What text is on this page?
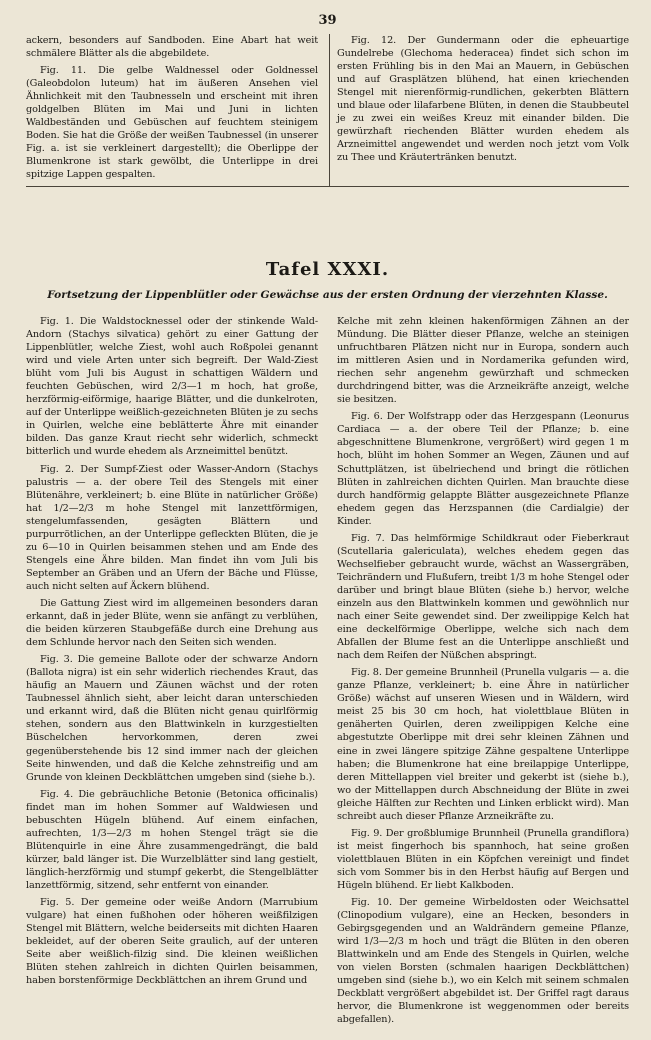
39

ackern, besonders auf Sandboden. Eine Abart hat weit schmälere Blätter als die abgebildete.

Fig. 11. Die gelbe Waldnessel oder Goldnessel (Galeobdolon luteum) hat im äußeren Ansehen viel Ähnlichkeit mit den Taubnesseln und erscheint mit ihren goldgelben Blüten im Mai und Juni in lichten Waldbeständen und Gebüschen auf feuchtem steinigem Boden. Sie hat die Größe der weißen Taubnessel (in unserer Fig. a. ist sie verkleinert dargestellt); die Oberlippe der Blumenkrone ist stark gewölbt, die Unterlippe in drei spitzige Lappen gespalten.

Fig. 12. Der Gundermann oder die epheuartige Gundelrebe (Glechoma hederacea) findet sich schon im ersten Frühling bis in den Mai an Mauern, in Gebüschen und auf Grasplätzen blühend, hat einen kriechenden Stengel mit nierenförmig-rundlichen, gekerbten Blättern und blaue oder lilafarbene Blüten, in denen die Staubbeutel je zu zwei ein weißes Kreuz mit einander bilden. Die gewürzhaft riechenden Blätter wurden ehedem als Arzneimittel angewendet und werden noch jetzt vom Volk zu Thee und Kräutertränken benutzt.

Tafel XXXI.
Fortsetzung der Lippenblütler oder Gewächse aus der ersten Ordnung der vierzehnten Klasse.

Fig. 1. Die Waldstocknessel oder der stinkende Wald-Andorn (Stachys silvatica) gehört zu einer Gattung der Lippenblütler, welche Ziest, wohl auch Roßpolei genannt wird und viele Arten unter sich begreift. Der Wald-Ziest blüht vom Juli bis August in schattigen Wäldern und feuchten Gebüschen, wird 2/3—1 m hoch, hat große, herzförmig-eiförmige, haarige Blätter, und die dunkelroten, auf der Unterlippe weißlich-gezeichneten Blüten je zu sechs in Quirlen, welche eine beblätterte Ähre mit einander bilden. Das ganze Kraut riecht sehr widerlich, schmeckt bitterlich und wurde ehedem als Arzneimittel benützt.

Fig. 2. Der Sumpf-Ziest oder Wasser-Andorn (Stachys palustris — a. der obere Teil des Stengels mit einer Blütenähre, verkleinert; b. eine Blüte in natürlicher Größe) hat 1/2—2/3 m hohe Stengel mit lanzettförmigen, stengelumfassenden, gesägten Blättern und purpurrötlichen, an der Unterlippe gefleckten Blüten, die je zu 6—10 in Quirlen beisammen stehen und am Ende des Stengels eine Ähre bilden. Man findet ihn vom Juli bis September an Gräben und an Ufern der Bäche und Flüsse, auch nicht selten auf Äckern blühend.

Die Gattung Ziest wird im allgemeinen besonders daran erkannt, daß in jeder Blüte, wenn sie anfängt zu verblühen, die beiden kürzeren Staubgefäße durch eine Drehung aus dem Schlunde hervor nach den Seiten sich wenden.

Fig. 3. Die gemeine Ballote oder der schwarze Andorn (Ballota nigra) ist ein sehr widerlich riechendes Kraut, das häufig an Mauern und Zäunen wächst und der roten Taubnessel ähnlich sieht, aber leicht daran unterschieden und erkannt wird, daß die Blüten nicht genau quirlförmig stehen, sondern aus den Blattwinkeln in kurzgestielten Büschelchen hervorkommen, deren zwei gegenüberstehende bis 12 sind immer nach der gleichen Seite hinwenden, und daß die Kelche zehnstreifig und am Grunde von kleinen Deckblättchen umgeben sind (siehe b.).

Fig. 4. Die gebräuchliche Betonie (Betonica officinalis) findet man im hohen Sommer auf Waldwiesen und bebuschten Hügeln blühend. Auf einem einfachen, aufrechten, 1/3—2/3 m hohen Stengel trägt sie die Blütenquirle in eine Ähre zusammengedrängt, die bald kürzer, bald länger ist. Die Wurzelblätter sind lang gestielt, länglich-herzförmig und stumpf gekerbt, die Stengelblätter lanzettförmig, sitzend, sehr entfernt von einander.

Fig. 5. Der gemeine oder weiße Andorn (Marrubium vulgare) hat einen fußhohen oder höheren weißfilzigen Stengel mit Blättern, welche beiderseits mit dichten Haaren bekleidet, auf der oberen Seite graulich, auf der unteren Seite aber weißlich-filzig sind. Die kleinen weißlichen Blüten stehen zahlreich in dichten Quirlen beisammen, haben borstenförmige Deckblättchen an ihrem Grund und

Kelche mit zehn kleinen hakenförmigen Zähnen an der Mündung. Die Blätter dieser Pflanze, welche an steinigen unfruchtbaren Plätzen nicht nur in Europa, sondern auch im mittleren Asien und in Nordamerika gefunden wird, riechen sehr angenehm gewürzhaft und schmecken durchdringend bitter, was die Arzneikräfte anzeigt, welche sie besitzen.

Fig. 6. Der Wolfstrapp oder das Herzgespann (Leonurus Cardiaca — a. der obere Teil der Pflanze; b. eine abgeschnittene Blumenkrone, vergrößert) wird gegen 1 m hoch, blüht im hohen Sommer an Wegen, Zäunen und auf Schuttplätzen, ist übelriechend und bringt die rötlichen Blüten in zahlreichen dichten Quirlen. Man brauchte diese durch handförmig gelappte Blätter ausgezeichnete Pflanze ehedem gegen das Herzspannen (die Cardialgie) der Kinder.

Fig. 7. Das helmförmige Schildkraut oder Fieberkraut (Scutellaria galericulata), welches ehedem gegen das Wechselfieber gebraucht wurde, wächst an Wassergräben, Teichrändern und Flußufern, treibt 1/3 m hohe Stengel oder darüber und bringt blaue Blüten (siehe b.) hervor, welche einzeln aus den Blattwinkeln kommen und gewöhnlich nur nach einer Seite gewendet sind. Der zweilippige Kelch hat eine deckelförmige Oberlippe, welche sich nach dem Abfallen der Blume fest an die Unterlippe anschließt und nach dem Reifen der Nüßchen abspringt.

Fig. 8. Der gemeine Brunnheil (Prunella vulgaris — a. die ganze Pflanze, verkleinert; b. eine Ähre in natürlicher Größe) wächst auf unseren Wiesen und in Wäldern, wird meist 25 bis 30 cm hoch, hat violettblaue Blüten in genäherten Quirlen, deren zweilippigen Kelche eine abgestutzte Oberlippe mit drei sehr kleinen Zähnen und eine in zwei längere spitzige Zähne gespaltene Unterlippe haben; die Blumenkrone hat eine breilappige Unterlippe, deren Mittellappen viel breiter und gekerbt ist (siehe b.), wo der Mittellappen durch Abschneidung der Blüte in zwei gleiche Hälften zur Rechten und Linken erblickt wird). Man schreibt auch dieser Pflanze Arzneikräfte zu.

Fig. 9. Der großblumige Brunnheil (Prunella grandiflora) ist meist fingerhoch bis spannhoch, hat seine großen violettblauen Blüten in ein Köpfchen vereinigt und findet sich vom Sommer bis in den Herbst häufig auf Bergen und Hügeln blühend. Er liebt Kalkboden.

Fig. 10. Der gemeine Wirbeldosten oder Weichsattel (Clinopodium vulgare), eine an Hecken, besonders in Gebirgsgegenden und an Waldrändern gemeine Pflanze, wird 1/3—2/3 m hoch und trägt die Blüten in den oberen Blattwinkeln und am Ende des Stengels in Quirlen, welche von vielen Borsten (schmalen haarigen Deckblättchen) umgeben sind (siehe b.), wo ein Kelch mit seinem schmalen Deckblatt vergrößert abgebildet ist. Der Griffel ragt daraus hervor, die Blumenkrone ist weggenommen oder bereits abgefallen).
